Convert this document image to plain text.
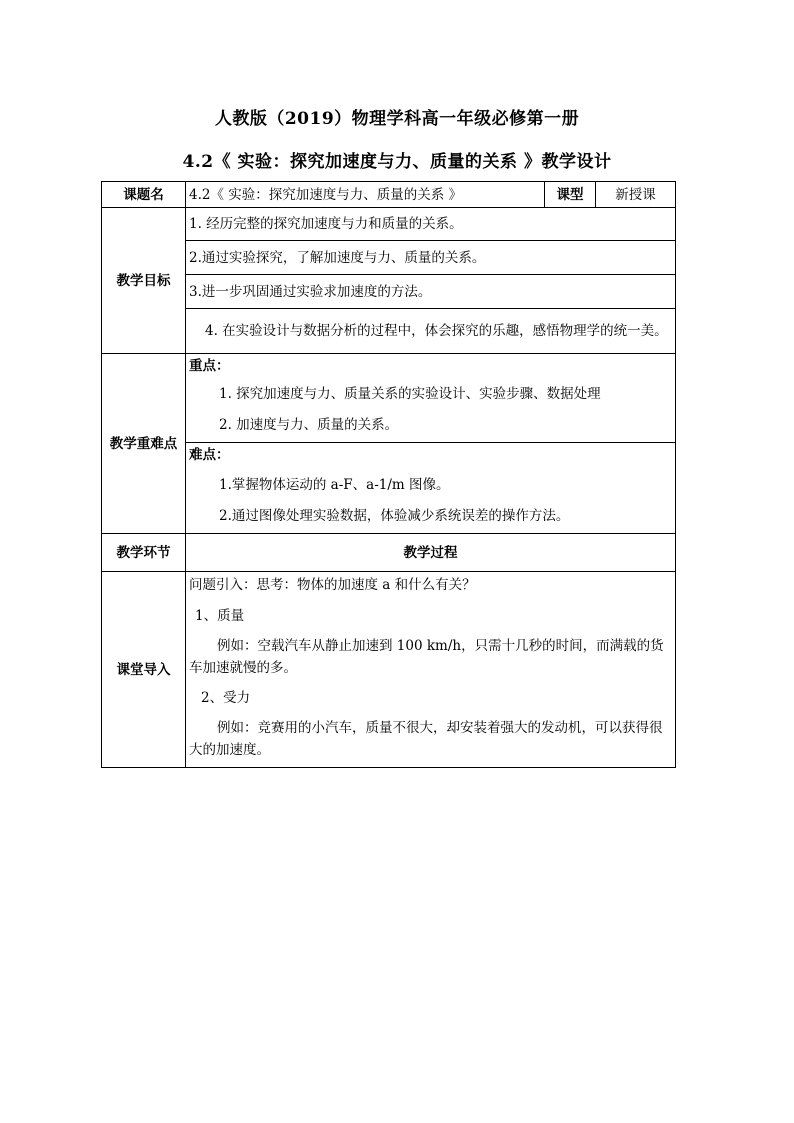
人教版（2019）物理学科高一年级必修第一册
4.2《 实验：探究加速度与力、质量的关系 》教学设计
课题名	4.2《 实验：探究加速度与力、质量的关系 》	课型	新授课
教学目标	1. 经历完整的探究加速度与力和质量的关系。		
	2.通过实验探究，了解加速度与力、质量的关系。		
	3.进一步巩固通过实验求加速度的方法。		

	4. 在实验设计与数据分析的过程中，体会探究的乐趣，感悟物理学的统一美。		

教学重难点	重点：

1. 探究加速度与力、质量关系的实验设计、实验步骤、数据处理

2. 加速度与力、质量的关系。		

	难点：

1.掌握物体运动的 a-F、a-1/m 图像。

2.通过图像处理实验数据，体验减少系统误差的操作方法。		

教学环节	教学过程		
课堂导入	问题引入：思考：物体的加速度 a 和什么有关？

1、质量

例如：空载汽车从静止加速到 100 km/h，只需十几秒的时间，而满载的货车加速就慢的多。

2、受力

例如：竞赛用的小汽车，质量不很大，却安装着强大的发动机，可以获得很大的加速度。		
